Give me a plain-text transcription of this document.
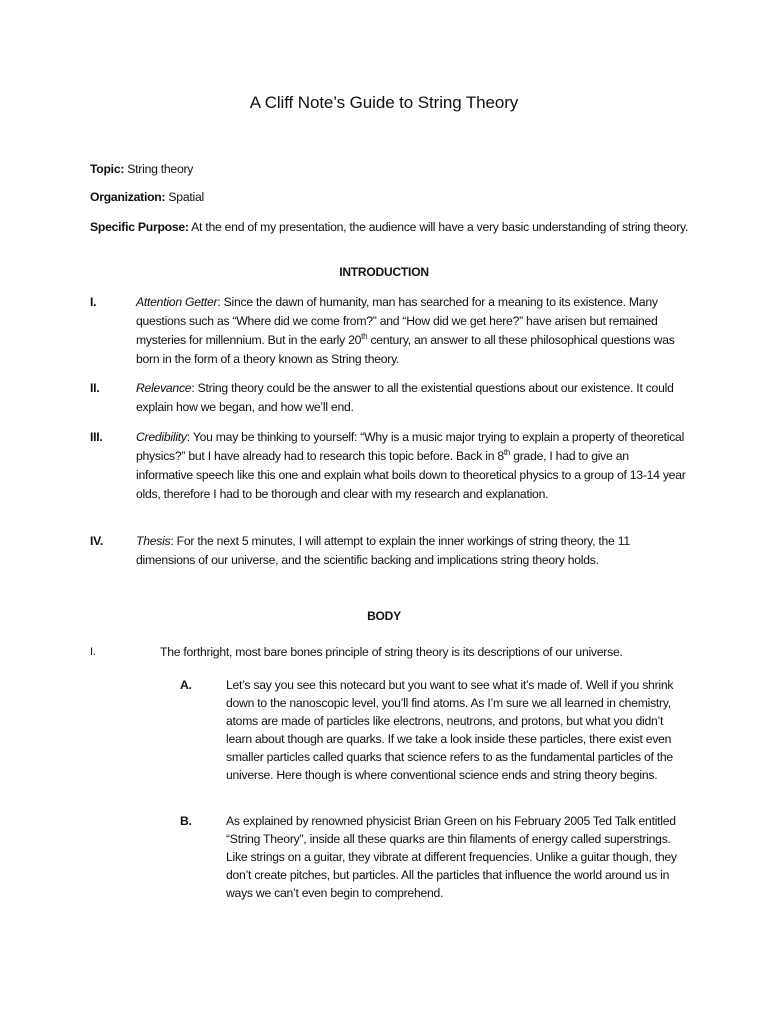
A Cliff Note’s Guide to String Theory
Topic: String theory
Organization: Spatial
Specific Purpose: At the end of my presentation, the audience will have a very basic understanding of string theory.
INTRODUCTION
I.	Attention Getter: Since the dawn of humanity, man has searched for a meaning to its existence. Many questions such as “Where did we come from?” and “How did we get here?” have arisen but remained mysteries for millennium. But in the early 20th century, an answer to all these philosophical questions was born in the form of a theory known as String theory.
II.	Relevance: String theory could be the answer to all the existential questions about our existence. It could explain how we began, and how we’ll end.
III.	Credibility: You may be thinking to yourself: “Why is a music major trying to explain a property of theoretical physics?” but I have already had to research this topic before. Back in 8th grade, I had to give an informative speech like this one and explain what boils down to theoretical physics to a group of 13-14 year olds, therefore I had to be thorough and clear with my research and explanation.
IV.	Thesis: For the next 5 minutes, I will attempt to explain the inner workings of string theory, the 11 dimensions of our universe, and the scientific backing and implications string theory holds.
BODY
I.	The forthright, most bare bones principle of string theory is its descriptions of our universe.
A.	Let’s say you see this notecard but you want to see what it’s made of. Well if you shrink down to the nanoscopic level, you’ll find atoms. As I’m sure we all learned in chemistry, atoms are made of particles like electrons, neutrons, and protons, but what you didn’t learn about though are quarks. If we take a look inside these particles, there exist even smaller particles called quarks that science refers to as the fundamental particles of the universe. Here though is where conventional science ends and string theory begins.
B.	As explained by renowned physicist Brian Green on his February 2005 Ted Talk entitled “String Theory”, inside all these quarks are thin filaments of energy called superstrings. Like strings on a guitar, they vibrate at different frequencies. Unlike a guitar though, they don’t create pitches, but particles. All the particles that influence the world around us in ways we can’t even begin to comprehend.
